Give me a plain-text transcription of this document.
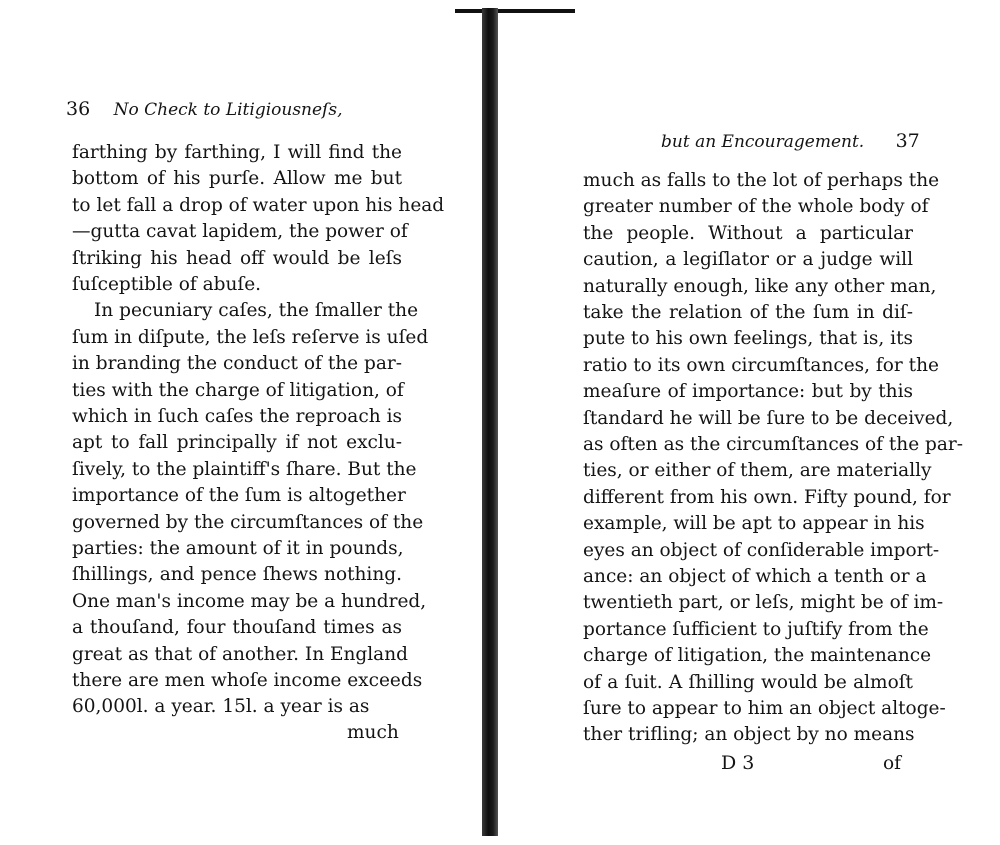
36 No Check to Litigiousneſs,
farthing by farthing, I will find the
bottom of his purſe. Allow me but
to let fall a drop of water upon his head
—gutta cavat lapidem, the power of
ſtriking his head off would be leſs
ſuſceptible of abuſe.
In pecuniary caſes, the ſmaller the
ſum in diſpute, the leſs reſerve is uſed
in branding the conduct of the par-
ties with the charge of litigation, of
which in ſuch caſes the reproach is
apt to fall principally if not exclu-
ſively, to the plaintiff's ſhare. But the
importance of the ſum is altogether
governed by the circumſtances of the
parties: the amount of it in pounds,
ſhillings, and pence ſhews nothing.
One man's income may be a hundred,
a thouſand, four thouſand times as
great as that of another. In England
there are men whoſe income exceeds
60,000l. a year. 15l. a year is as
much
but an Encouragement. 37
much as falls to the lot of perhaps the
greater number of the whole body of
the people. Without a particular
caution, a legiſlator or a judge will
naturally enough, like any other man,
take the relation of the ſum in diſ-
pute to his own feelings, that is, its
ratio to its own circumſtances, for the
meaſure of importance: but by this
ſtandard he will be ſure to be deceived,
as often as the circumſtances of the par-
ties, or either of them, are materially
different from his own. Fifty pound, for
example, will be apt to appear in his
eyes an object of conſiderable import-
ance: an object of which a tenth or a
twentieth part, or leſs, might be of im-
portance ſufficient to juſtify from the
charge of litigation, the maintenance
of a ſuit. A ſhilling would be almoſt
ſure to appear to him an object altoge-
ther trifling; an object by no means
D 3	of
